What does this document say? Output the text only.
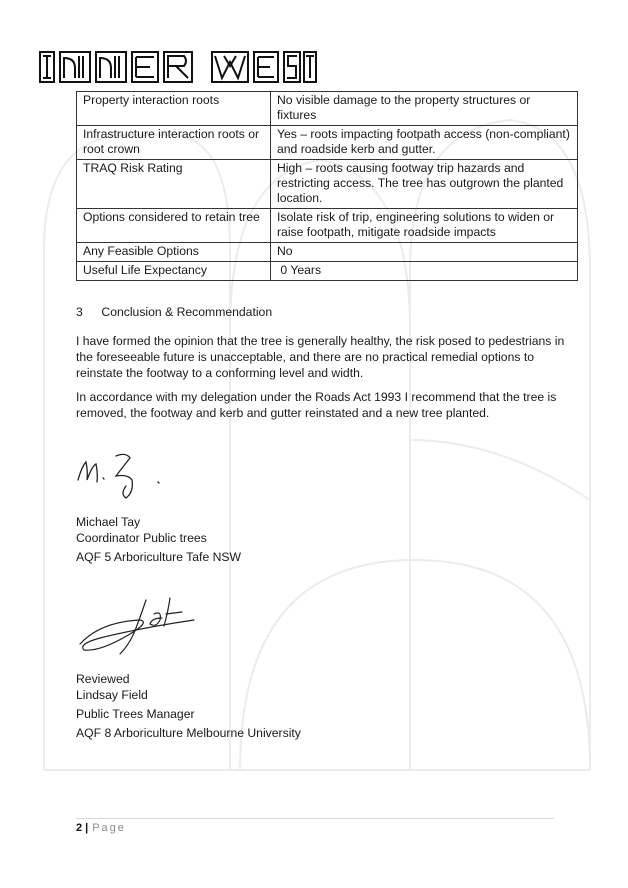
Property interaction roots	No visible damage to the property structures or fixtures
Infrastructure interaction roots or root crown	Yes – roots impacting footpath access (non-compliant) and roadside kerb and gutter.
TRAQ Risk Rating	High – roots causing footway trip hazards and restricting access. The tree has outgrown the planted location.
Options considered to retain tree	Isolate risk of trip, engineering solutions to widen or raise footpath, mitigate roadside impacts
Any Feasible Options	No
Useful Life Expectancy	0 Years
3 Conclusion & Recommendation

I have formed the opinion that the tree is generally healthy, the risk posed to pedestrians in the foreseeable future is unacceptable, and there are no practical remedial options to reinstate the footway to a conforming level and width.

In accordance with my delegation under the Roads Act 1993 I recommend that the tree is removed, the footway and kerb and gutter reinstated and a new tree planted.

Michael Tay
Coordinator Public trees
AQF 5 Arboriculture Tafe NSW
Reviewed
Lindsay Field
Public Trees Manager
AQF 8 Arboriculture Melbourne University
2 | Page
